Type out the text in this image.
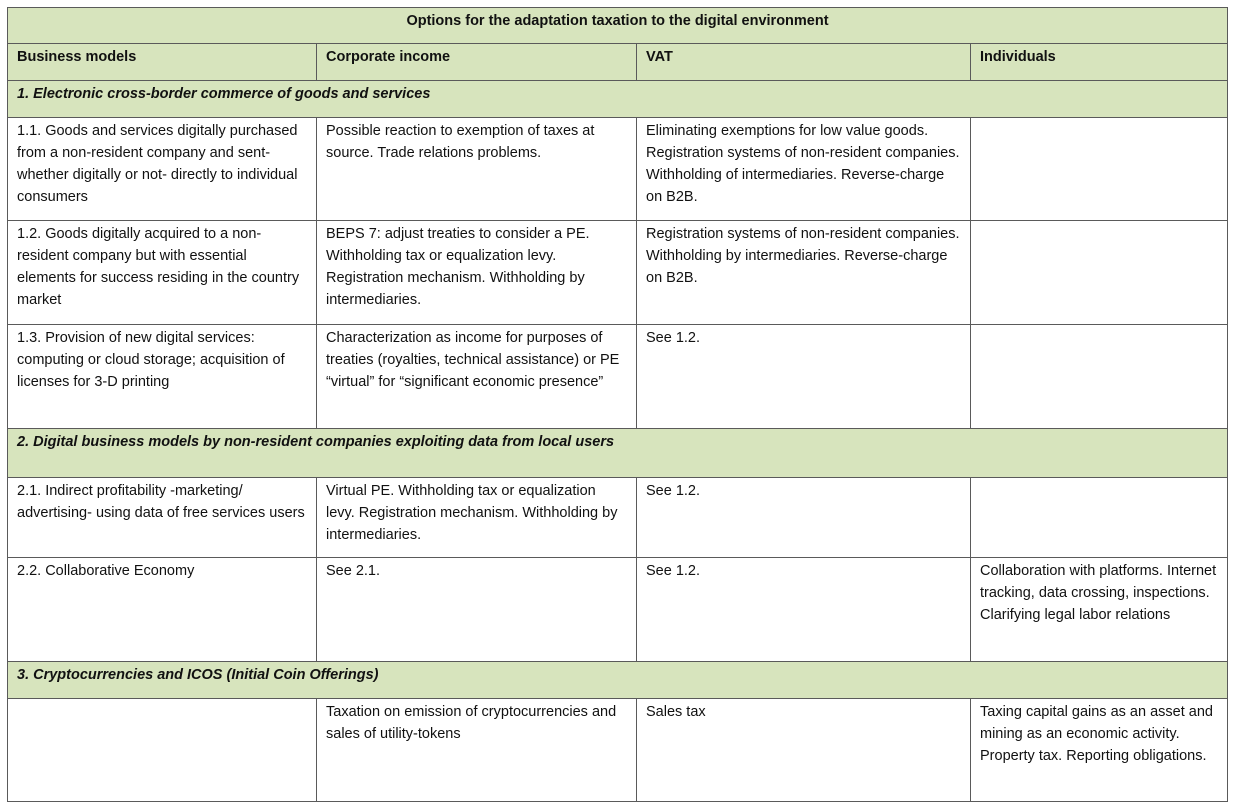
Options for the adaptation taxation to the digital environment			
Business models	Corporate income	VAT	Individuals
1. Electronic cross-border commerce of goods and services			
1.1. Goods and services digitally purchased from a non-resident company and sent-whether digitally or not- directly to individual consumers	Possible reaction to exemption of taxes at source. Trade relations problems.	Eliminating exemptions for low value goods. Registration systems of non-resident companies. Withholding of intermediaries. Reverse-charge on B2B.	
1.2. Goods digitally acquired to a non-resident company but with essential elements for success residing in the country market	BEPS 7: adjust treaties to consider a PE. Withholding tax or equalization levy. Registration mechanism. Withholding by intermediaries.	Registration systems of non-resident companies. Withholding by intermediaries. Reverse-charge on B2B.	
1.3. Provision of new digital services: computing or cloud storage; acquisition of licenses for 3-D printing	Characterization as income for purposes of treaties (royalties, technical assistance) or PE “virtual” for “significant economic presence”	See 1.2.	
2. Digital business models by non-resident companies exploiting data from local users			
2.1. Indirect profitability -marketing/ advertising- using data of free services users	Virtual PE. Withholding tax or equalization levy. Registration mechanism. Withholding by intermediaries.	See 1.2.	
2.2. Collaborative Economy	See 2.1.	See 1.2.	Collaboration with platforms. Internet tracking, data crossing, inspections. Clarifying legal labor relations
3. Cryptocurrencies and ICOS (Initial Coin Offerings)			
	Taxation on emission of cryptocurrencies and sales of utility-tokens	Sales tax	Taxing capital gains as an asset and mining as an economic activity. Property tax. Reporting obligations.
